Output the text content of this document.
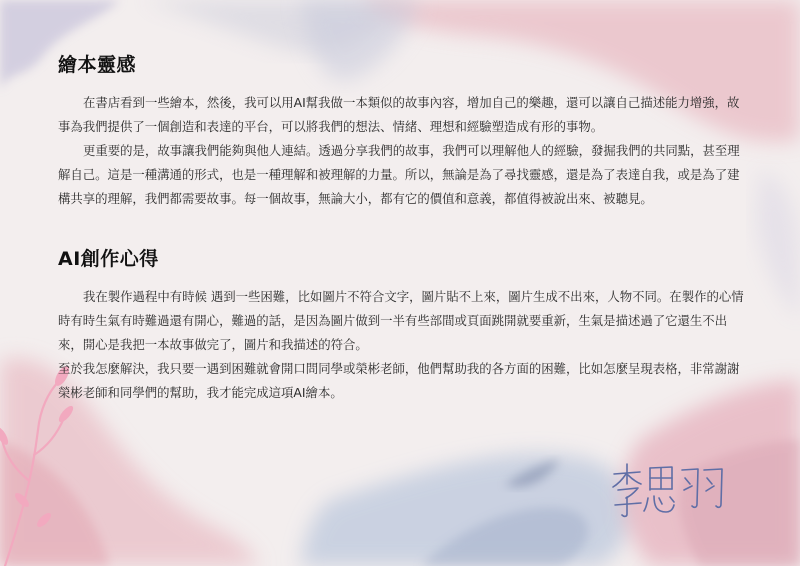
繪本靈感

在書店看到一些繪本，然後，我可以用AI幫我做一本類似的故事內容，增加自己的樂趣，還可以讓自己描述能力增強，故事為我們提供了一個創造和表達的平台，可以將我們的想法、情緒、理想和經驗塑造成有形的事物。

更重要的是，故事讓我們能夠與他人連結。透過分享我們的故事，我們可以理解他人的經驗，發掘我們的共同點，甚至理解自己。這是一種溝通的形式，也是一種理解和被理解的力量。所以，無論是為了尋找靈感，還是為了表達自我，或是為了建構共享的理解，我們都需要故事。每一個故事，無論大小，都有它的價值和意義，都值得被說出來、被聽見。

AI創作心得

我在製作過程中有時候 遇到一些困難，比如圖片不符合文字，圖片貼不上來，圖片生成不出來，人物不同。在製作的心情時有時生氣有時難過還有開心，難過的話，是因為圖片做到一半有些部間或頁面跳開就要重新，生氣是描述過了它還生不出來，開心是我把一本故事做完了，圖片和我描述的符合。

至於我怎麼解決，我只要一遇到困難就會開口問同學或榮彬老師，他們幫助我的各方面的困難，比如怎麼呈現表格，非常謝謝榮彬老師和同學們的幫助，我才能完成這項AI繪本。
